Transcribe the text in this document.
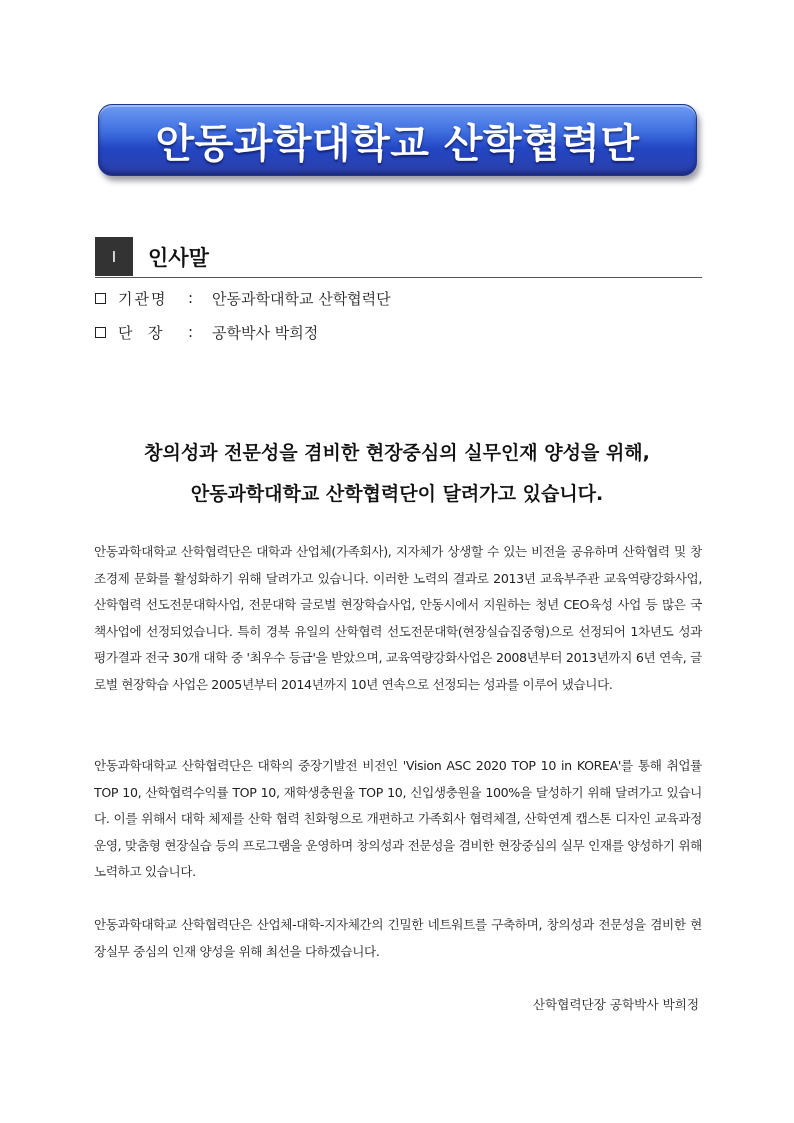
안동과학대학교 산학협력단
Ⅰ	인사말
기관명	:	안동과학대학교 산학협력단
단  장	:	공학박사 박희정
창의성과 전문성을 겸비한 현장중심의 실무인재 양성을 위해,
안동과학대학교 산학협력단이 달려가고 있습니다.
안동과학대학교 산학협력단은 대학과 산업체(가족회사), 지자체가 상생할 수 있는 비전을 공유하며 산학협력 및 창조경제 문화를 활성화하기 위해 달려가고 있습니다. 이러한 노력의 결과로 2013년 교육부주관 교육역량강화사업, 산학협력 선도전문대학사업, 전문대학 글로벌 현장학습사업, 안동시에서 지원하는 청년 CEO육성 사업 등 많은 국책사업에 선정되었습니다. 특히 경북 유일의 산학협력 선도전문대학(현장실습집중형)으로 선정되어 1차년도 성과평가결과 전국 30개 대학 중 '최우수 등급'을 받았으며, 교육역량강화사업은 2008년부터 2013년까지 6년 연속, 글로벌 현장학습 사업은 2005년부터 2014년까지 10년 연속으로 선정되는 성과를 이루어 냈습니다.
안동과학대학교 산학협력단은 대학의 중장기발전 비전인 'Vision ASC 2020 TOP 10 in KOREA'를 통해 취업률 TOP 10, 산학협력수익률 TOP 10, 재학생충원율 TOP 10, 신입생충원율 100%을 달성하기 위해 달려가고 있습니다. 이를 위해서 대학 체제를 산학 협력 친화형으로 개편하고 가족회사 협력체결, 산학연계 캡스톤 디자인 교육과정 운영, 맞춤형 현장실습 등의 프로그램을 운영하며 창의성과 전문성을 겸비한 현장중심의 실무 인재를 양성하기 위해 노력하고 있습니다.
안동과학대학교 산학협력단은 산업체-대학-지자체간의 긴밀한 네트워트를 구축하며, 창의성과 전문성을 겸비한 현장실무 중심의 인재 양성을 위해 최선을 다하겠습니다.
산학협력단장 공학박사 박희정
